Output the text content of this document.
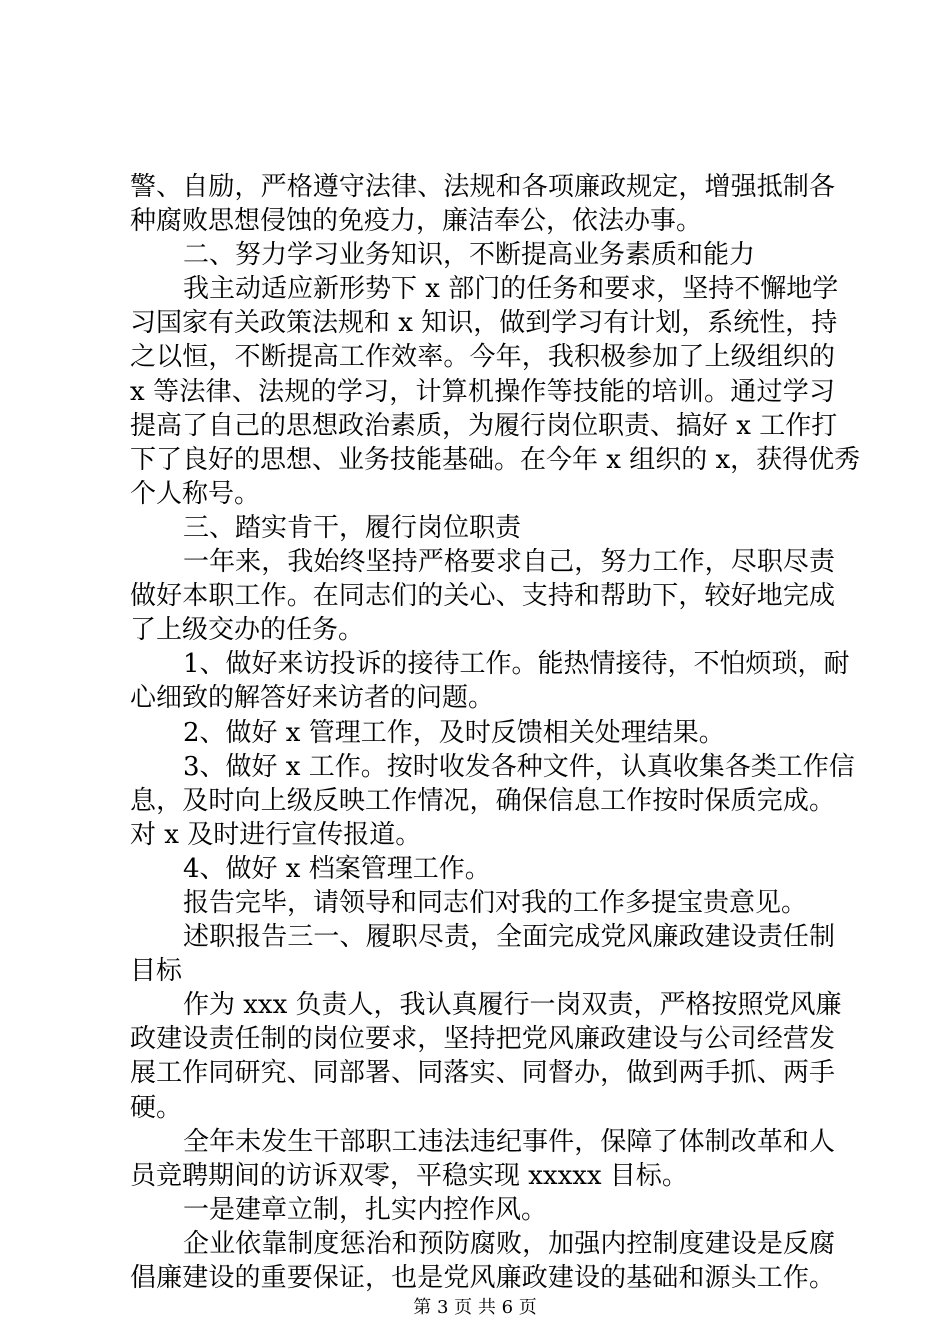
警、自励，严格遵守法律、法规和各项廉政规定，增强抵制各
种腐败思想侵蚀的免疫力，廉洁奉公，依法办事。
二、努力学习业务知识，不断提高业务素质和能力
我主动适应新形势下 x 部门的任务和要求，坚持不懈地学
习国家有关政策法规和 x 知识，做到学习有计划，系统性，持
之以恒，不断提高工作效率。今年，我积极参加了上级组织的
x 等法律、法规的学习，计算机操作等技能的培训。通过学习
提高了自己的思想政治素质，为履行岗位职责、搞好 x 工作打
下了良好的思想、业务技能基础。在今年 x 组织的 x，获得优秀
个人称号。
三、踏实肯干，履行岗位职责
一年来，我始终坚持严格要求自己，努力工作，尽职尽责
做好本职工作。在同志们的关心、支持和帮助下，较好地完成
了上级交办的任务。
1、做好来访投诉的接待工作。能热情接待，不怕烦琐，耐
心细致的解答好来访者的问题。
2、做好 x 管理工作，及时反馈相关处理结果。
3、做好 x 工作。按时收发各种文件，认真收集各类工作信
息，及时向上级反映工作情况，确保信息工作按时保质完成。
对 x 及时进行宣传报道。
4、做好 x 档案管理工作。
报告完毕，请领导和同志们对我的工作多提宝贵意见。
述职报告三一、履职尽责，全面完成党风廉政建设责任制
目标
作为 xxx 负责人，我认真履行一岗双责，严格按照党风廉
政建设责任制的岗位要求，坚持把党风廉政建设与公司经营发
展工作同研究、同部署、同落实、同督办，做到两手抓、两手
硬。
全年未发生干部职工违法违纪事件，保障了体制改革和人
员竞聘期间的访诉双零，平稳实现 xxxxx 目标。
一是建章立制，扎实内控作风。
企业依靠制度惩治和预防腐败，加强内控制度建设是反腐
倡廉建设的重要保证，也是党风廉政建设的基础和源头工作。
第 3 页 共 6 页
